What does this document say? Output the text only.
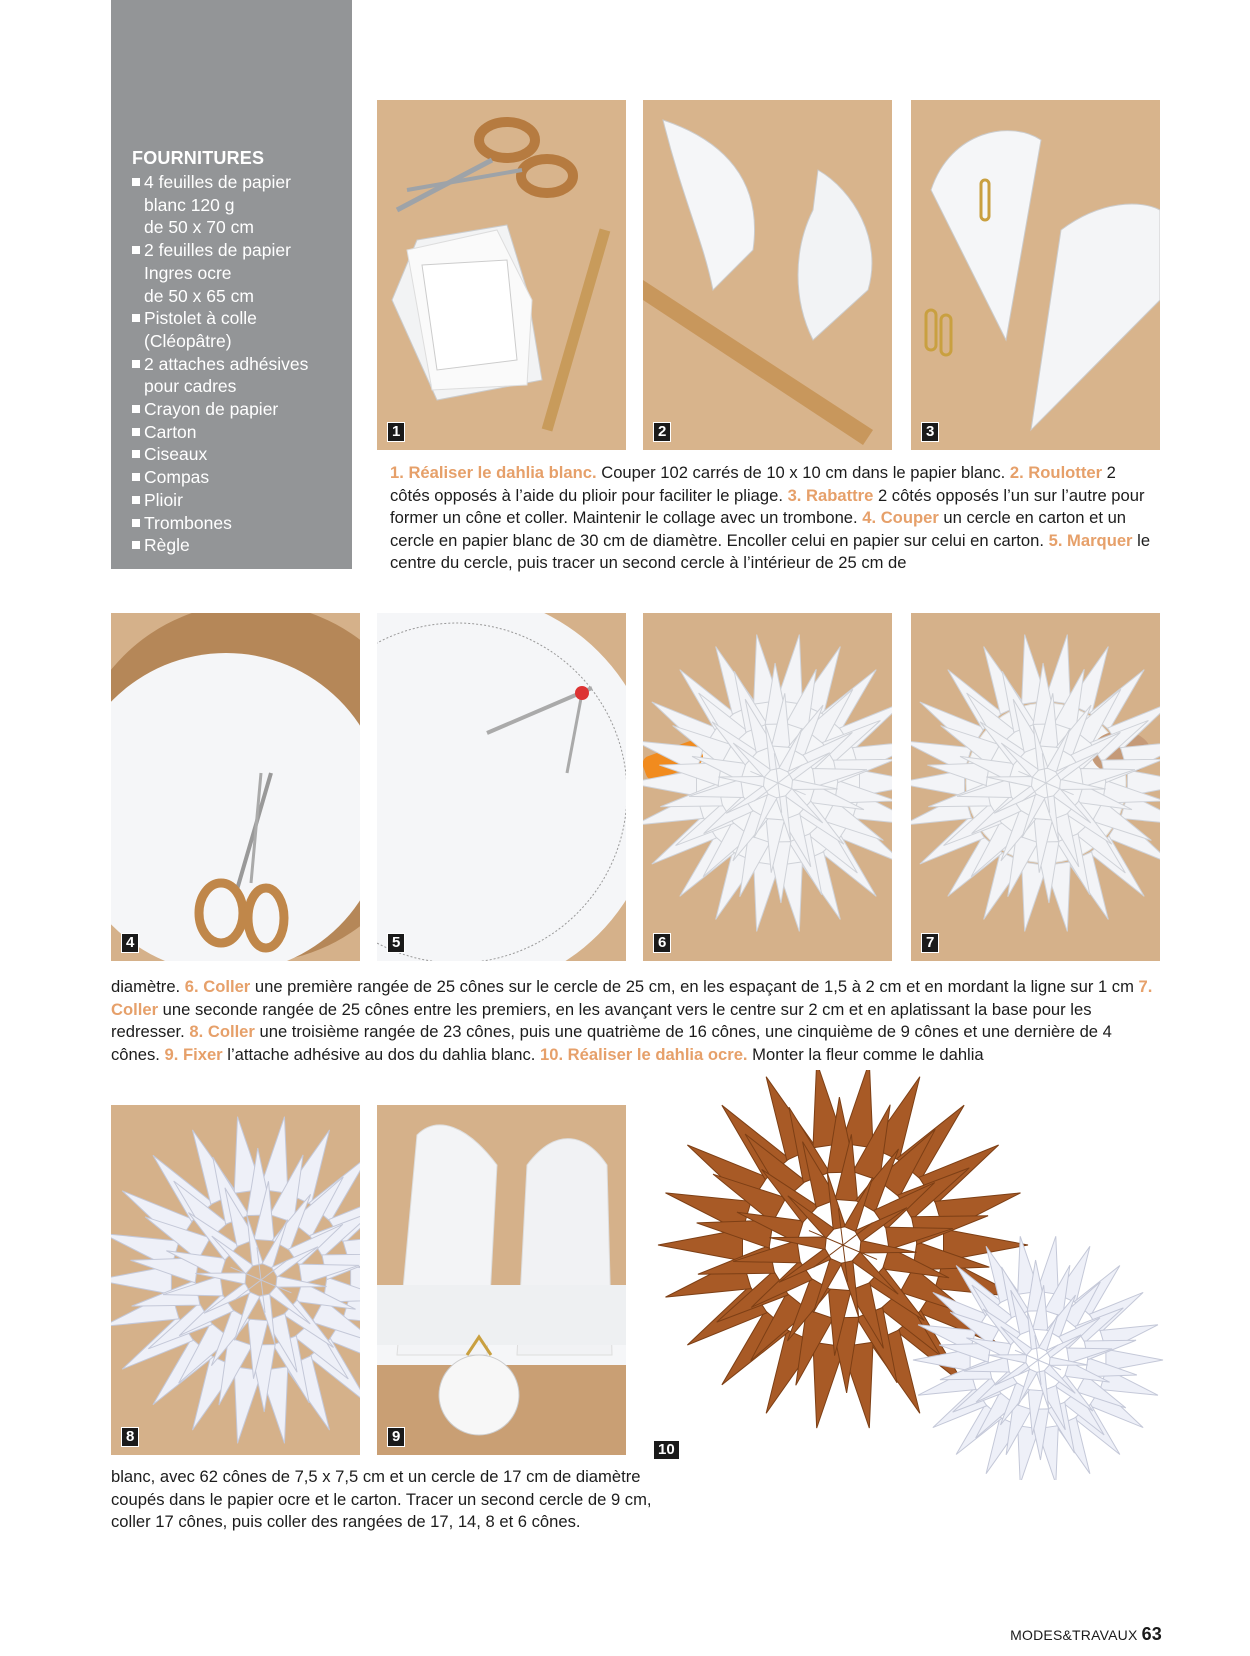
FOURNITURES
4 feuilles de papier
blanc 120 g
de 50 x 70 cm
2 feuilles de papier
Ingres ocre
de 50 x 65 cm
Pistolet à colle
(Cléopâtre)
2 attaches adhésives
pour cadres
Crayon de papier
Carton
Ciseaux
Compas
Plioir
Trombones
Règle
1	2	3
1. Réaliser le dahlia blanc. Couper 102 carrés de 10 x 10 cm dans le papier blanc. 2. Roulotter 2 côtés opposés à l’aide du plioir pour faciliter le pliage. 3. Rabattre 2 côtés opposés l’un sur l’autre pour former un cône et coller. Maintenir le collage avec un trombone. 4. Couper un cercle en carton et un cercle en papier blanc de 30 cm de diamètre. Encoller celui en papier sur celui en carton. 5. Marquer le centre du cercle, puis tracer un second cercle à l’intérieur de 25 cm de
4	5	6	7
diamètre. 6. Coller une première rangée de 25 cônes sur le cercle de 25 cm, en les espaçant de 1,5 à 2 cm et en mordant la ligne sur 1 cm 7. Coller une seconde rangée de 25 cônes entre les premiers, en les avançant vers le centre sur 2 cm et en aplatissant la base pour les redresser. 8. Coller une troisième rangée de 23 cônes, puis une quatrième de 16 cônes, une cinquième de 9 cônes et une dernière de 4 cônes. 9. Fixer l’attache adhésive au dos du dahlia blanc. 10. Réaliser le dahlia ocre. Monter la fleur comme le dahlia
8	9
10
blanc, avec 62 cônes de 7,5 x 7,5 cm et un cercle de 17 cm de diamètre coupés dans le papier ocre et le carton. Tracer un second cercle de 9 cm, coller 17 cônes, puis coller des rangées de 17, 14, 8 et 6 cônes.
MODES&TRAVAUX 63
